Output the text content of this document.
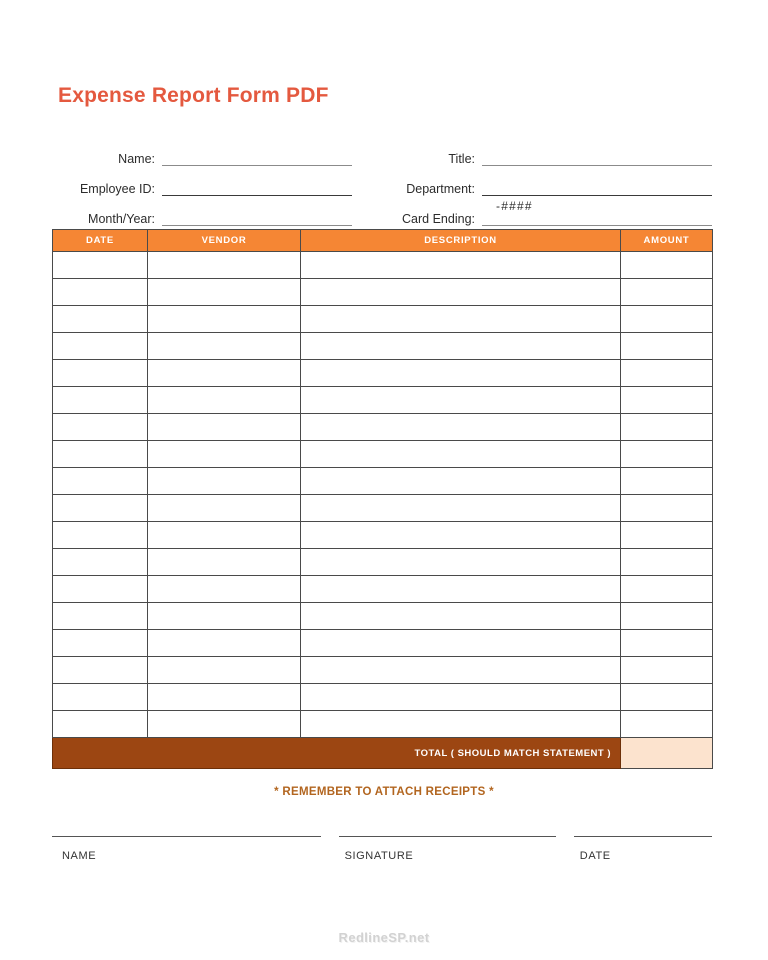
Expense Report Form PDF
Name:	Title:
Employee ID:	Department:
Month/Year:	Card Ending:
-####
DATE	VENDOR	DESCRIPTION	AMOUNT

TOTAL ( SHOULD MATCH STATEMENT )			
* REMEMBER TO ATTACH RECEIPTS *
NAME	SIGNATURE	DATE
RedlineSP.net
